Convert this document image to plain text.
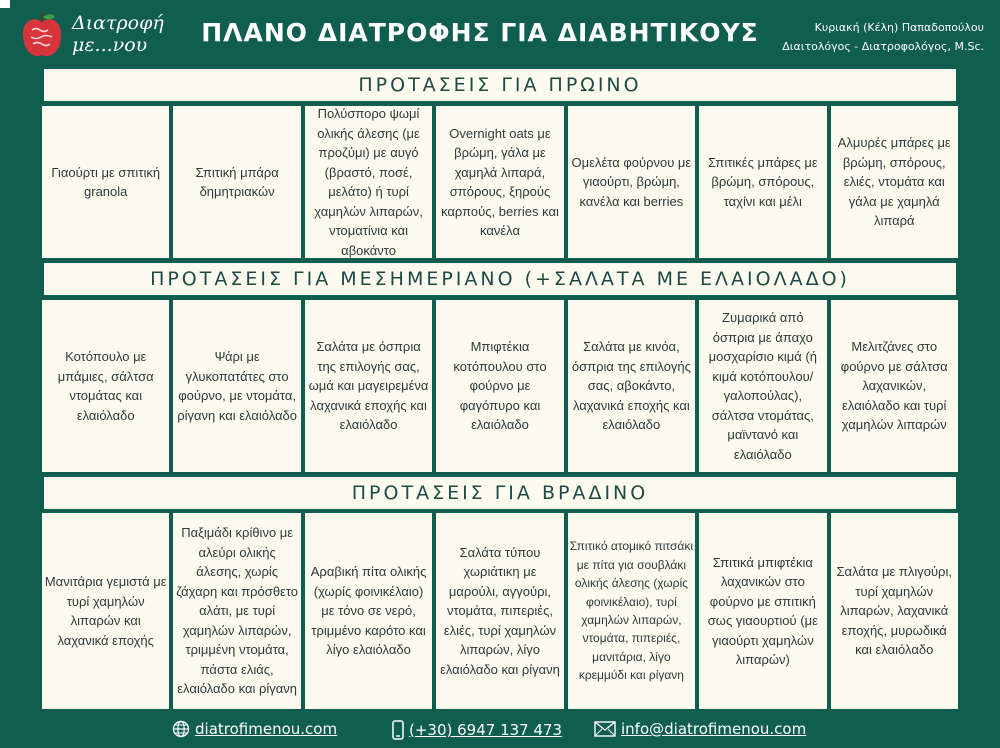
Διατροφή
με...νου	ΠΛΑΝΟ ΔΙΑΤΡΟΦΗΣ ΓΙΑ ΔΙΑΒΗΤΙΚΟΥΣ	Κυριακή (Κέλη) Παπαδοπούλου
Διαιτολόγος - Διατροφολόγος, M.Sc.
ΠΡΟΤΑΣΕΙΣ ΓΙΑ ΠΡΩΙΝΟ
Γιαούρτι με σπιτική granola
Σπιτική μπάρα δημητριακών
Πολύσπορο ψωμί ολικής άλεσης (με προζύμι) με αυγό (βραστό, ποσέ, μελάτο) ή τυρί χαμηλών λιπαρών, ντοματίνια και αβοκάντο
Overnight oats με βρώμη, γάλα με χαμηλά λιπαρά, σπόρους, ξηρούς καρπούς, berries και κανέλα
Ομελέτα φούρνου με γιαούρτι, βρώμη, κανέλα και berries
Σπιτικές μπάρες με βρώμη, σπόρους, ταχίνι και μέλι
Αλμυρές μπάρες με βρώμη, σπόρους, ελιές, ντομάτα και γάλα με χαμηλά λιπαρά
ΠΡΟΤΑΣΕΙΣ ΓΙΑ ΜΕΣΗΜΕΡΙΑΝΟ (+ΣΑΛΑΤΑ ΜΕ ΕΛΑΙΟΛΑΔΟ)
Κοτόπουλο με μπάμιες, σάλτσα ντομάτας και ελαιόλαδο
Ψάρι με γλυκοπατάτες στο φούρνο, με ντομάτα, ρίγανη και ελαιόλαδο
Σαλάτα με όσπρια της επιλογής σας, ωμά και μαγειρεμένα λαχανικά εποχής και ελαιόλαδο
Μπιφτέκια κοτόπουλου στο φούρνο με φαγόπυρο και ελαιόλαδο
Σαλάτα με κινόα, όσπρια της επιλογής σας, αβοκάντο, λαχανικά εποχής και ελαιόλαδο
Ζυμαρικά από όσπρια με άπαχο μοσχαρίσιο κιμά (ή κιμά κοτόπουλου/ γαλοπούλας), σάλτσα ντομάτας, μαϊντανό και ελαιόλαδο
Μελιτζάνες στο φούρνο με σάλτσα λαχανικών, ελαιόλαδο και τυρί χαμηλών λιπαρών
ΠΡΟΤΑΣΕΙΣ ΓΙΑ ΒΡΑΔΙΝΟ
Μανιτάρια γεμιστά με τυρί χαμηλών λιπαρών και λαχανικά εποχής
Παξιμάδι κρίθινο με αλεύρι ολικής άλεσης, χωρίς ζάχαρη και πρόσθετο αλάτι, με τυρί χαμηλών λιπαρών, τριμμένη ντομάτα, πάστα ελιάς, ελαιόλαδο και ρίγανη
Αραβική πίτα ολικής (χωρίς φοινικέλαιο) με τόνο σε νερό, τριμμένο καρότο και λίγο ελαιόλαδο
Σαλάτα τύπου χωριάτικη με μαρούλι, αγγούρι, ντομάτα, πιπεριές, ελιές, τυρί χαμηλών λιπαρών, λίγο ελαιόλαδο και ρίγανη
Σπιτικό ατομικό πιτσάκι με πίτα για σουβλάκι ολικής άλεσης (χωρίς φοινικέλαιο), τυρί χαμηλών λιπαρών, ντομάτα, πιπεριές, μανιτάρια, λίγο κρεμμύδι και ρίγανη
Σπιτικά μπιφτέκια λαχανικών στο φούρνο με σπιτική σως γιαουρτιού (με γιαούρτι χαμηλών λιπαρών)
Σαλάτα με πλιγούρι, τυρί χαμηλών λιπαρών, λαχανικά εποχής, μυρωδικά και ελαιόλαδο
diatrofimenou.com	(+30) 6947 137 473	info@diatrofimenou.com
